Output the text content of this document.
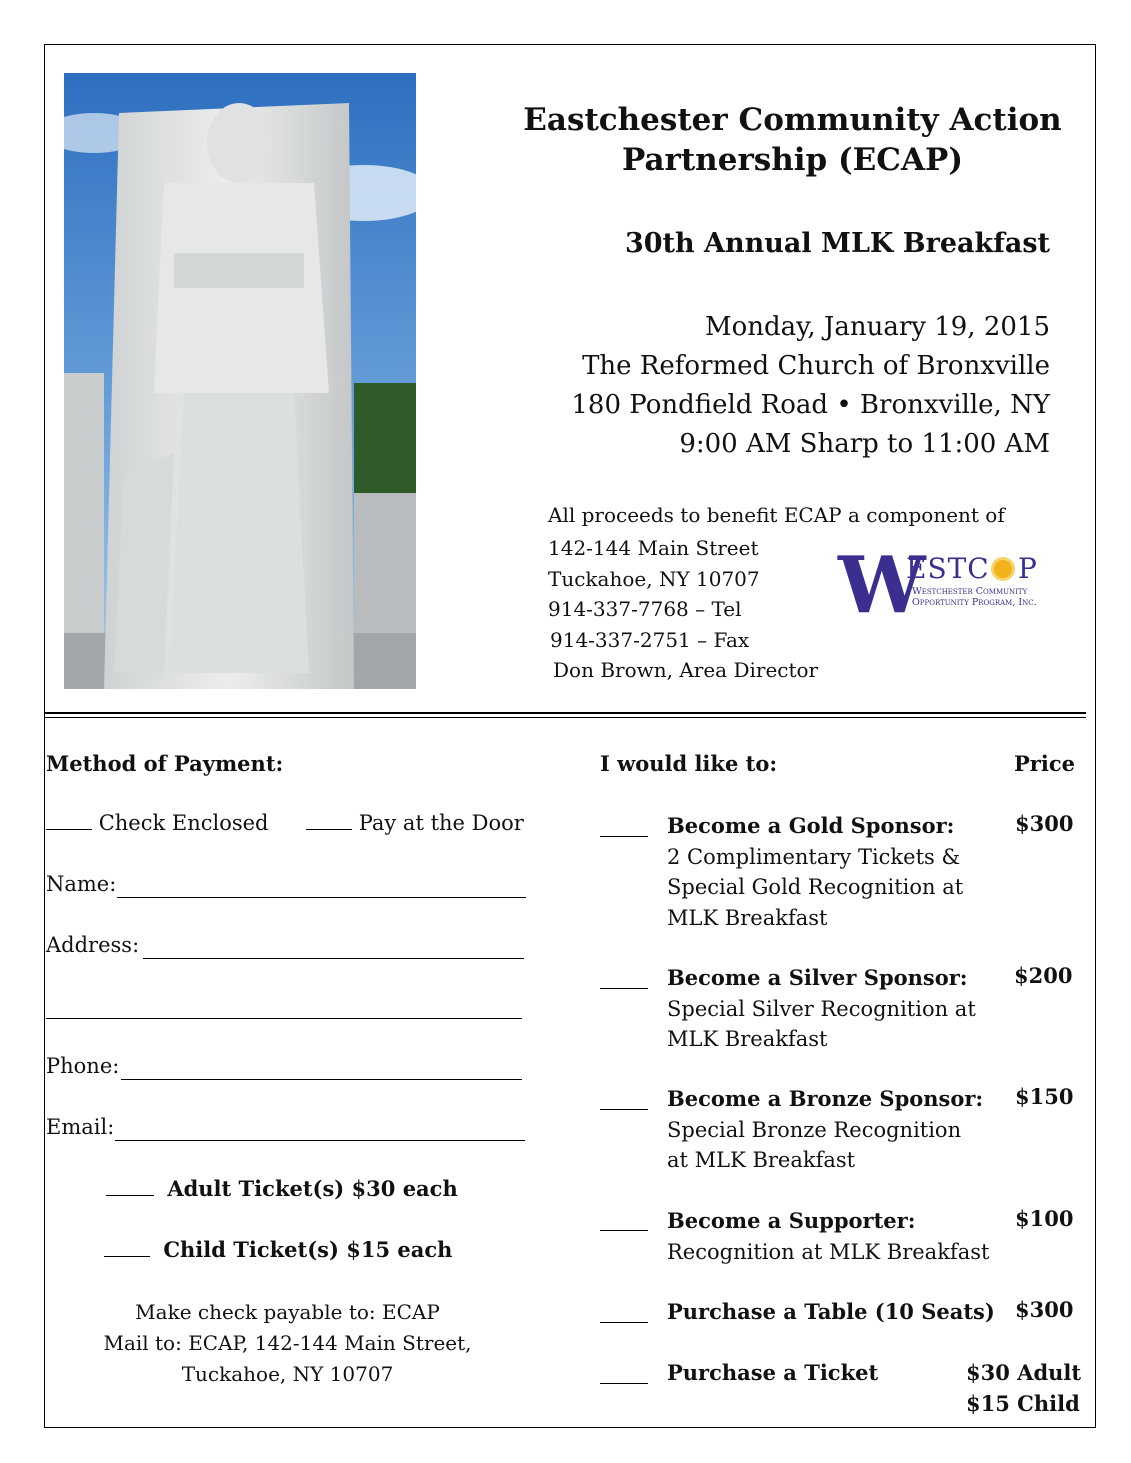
Eastchester Community Action
Partnership (ECAP)
30th Annual MLK Breakfast
Monday, January 19, 2015
The Reformed Church of Bronxville
180 Pondfield Road • Bronxville, NY
9:00 AM Sharp to 11:00 AM
All proceeds to benefit ECAP a component of
142-144 Main Street
Tuckahoe, NY 10707
914-337-7768 – Tel
914-337-2751 – Fax
Don Brown, Area Director
W
ESTC P
Westchester Community
Opportunity Program, Inc.
Method of Payment:
Check Enclosed	Pay at the Door
Name:
Address:
Phone:
Email:
Adult Ticket(s) $30 each
Child Ticket(s) $15 each
Make check payable to: ECAP
Mail to: ECAP, 142-144 Main Street,
Tuckahoe, NY 10707
I would like to:	Price
Become a Gold Sponsor:
2 Complimentary Tickets &
Special Gold Recognition at
MLK Breakfast
$300
Become a Silver Sponsor:
Special Silver Recognition at
MLK Breakfast
$200
Become a Bronze Sponsor:
Special Bronze Recognition
at MLK Breakfast
$150
Become a Supporter:
Recognition at MLK Breakfast
$100
Purchase a Table (10 Seats) $300
Purchase a Ticket	$30 Adult
$15 Child
